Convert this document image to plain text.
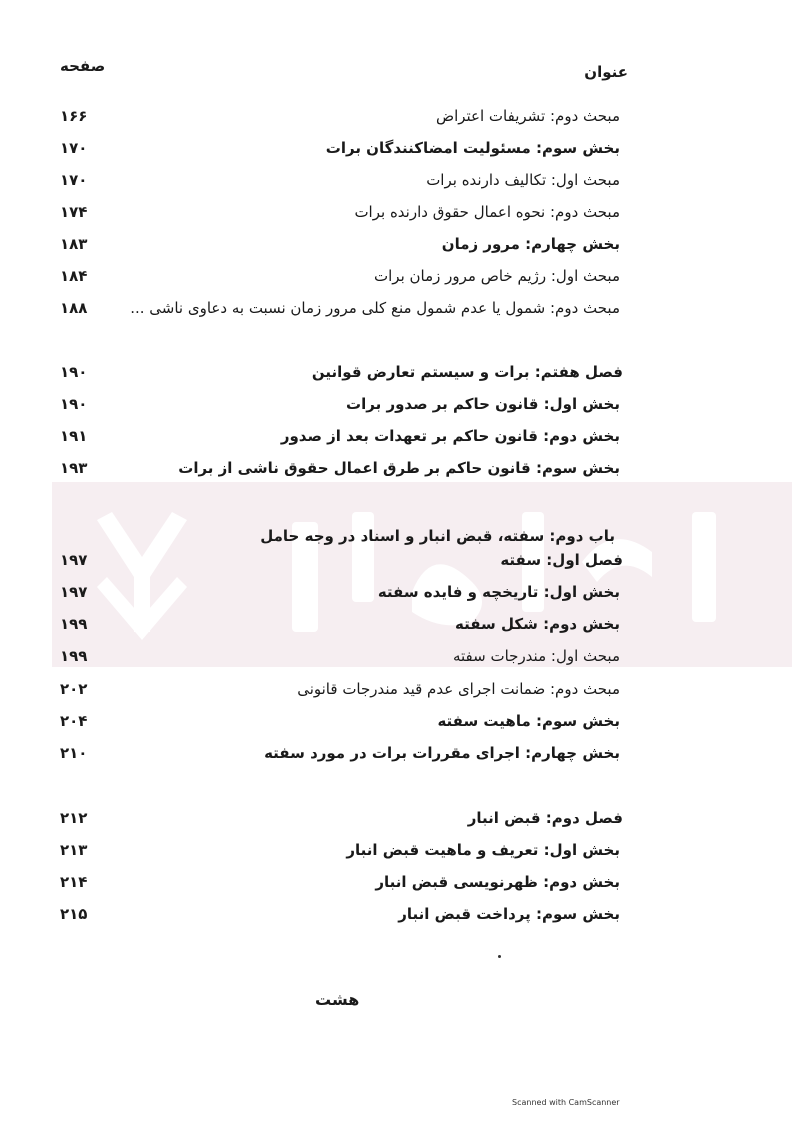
صفحه	عنوان
مبحث دوم: تشریفات اعتراض
۱۶۶
بخش سوم: مسئولیت امضاکنندگان برات
۱۷۰
مبحث اول: تکالیف دارنده برات
۱۷۰
مبحث دوم: نحوه اعمال حقوق دارنده برات
۱۷۴
بخش چهارم: مرور زمان
۱۸۳
مبحث اول: رژیم خاص مرور زمان برات
۱۸۴
مبحث دوم: شمول یا عدم شمول منع کلی مرور زمان نسبت به دعاوی ناشی ...
۱۸۸
فصل هفتم: برات و سیستم تعارض قوانین
۱۹۰
بخش اول: قانون حاکم بر صدور برات
۱۹۰
بخش دوم: قانون حاکم بر تعهدات بعد از صدور
۱۹۱
بخش سوم: قانون حاکم بر طرق اعمال حقوق ناشی از برات
۱۹۳
باب دوم: سفته، قبض انبار و اسناد در وجه حامل
فصل اول: سفته
۱۹۷
بخش اول: تاریخچه و فایده سفته
۱۹۷
بخش دوم: شکل سفته
۱۹۹
مبحث اول: مندرجات سفته
۱۹۹
مبحث دوم: ضمانت اجرای عدم قید مندرجات قانونی
۲۰۲
بخش سوم: ماهیت سفته
۲۰۴
بخش چهارم: اجرای مقررات برات در مورد سفته
۲۱۰
فصل دوم: قبض انبار
۲۱۲
بخش اول: تعریف و ماهیت قبض انبار
۲۱۳
بخش دوم: ظهرنویسی قبض انبار
۲۱۴
بخش سوم: پرداخت قبض انبار
۲۱۵
هشت
Scanned with CamScanner
